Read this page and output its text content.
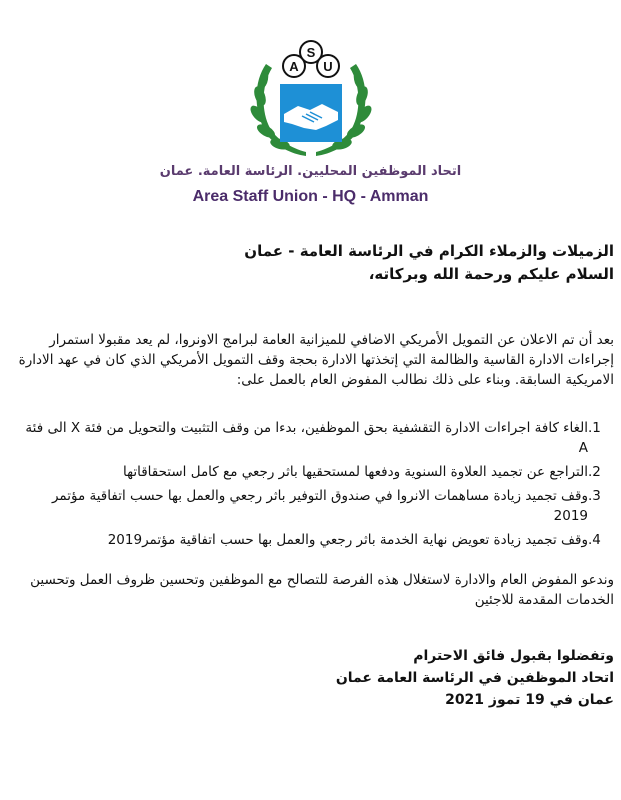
A
S
U
اتحاد الموظفين المحليين. الرئاسة العامة. عمان
Area Staff Union - HQ - Amman

الزميلات والزملاء الكرام في الرئاسة العامة - عمان

السلام عليكم ورحمة الله وبركاته،

بعد أن تم الاعلان عن التمويل الأمريكي الاضافي للميزانية العامة لبرامج الاونروا، لم يعد مقبولا استمرار إجراءات الادارة القاسية والظالمة التي إتخذتها الادارة بحجة وقف التمويل الأمريكي الذي كان في عهد الادارة الامريكية السابقة. وبناء على ذلك نطالب المفوض العام بالعمل على:
1.
الغاء كافة اجراءات الادارة التقشفية بحق الموظفين، بدءا من وقف التثبيت والتحويل من فئة X الى فئة A
2.
التراجع عن تجميد العلاوة السنوية ودفعها لمستحقيها باثر رجعي مع كامل استحقاقاتها
3.
وقف تجميد زيادة مساهمات الانروا في صندوق التوفير باثر رجعي والعمل بها حسب اتفاقية مؤتمر 2019
4.
وقف تجميد زيادة تعويض نهاية الخدمة باثر رجعي والعمل بها حسب اتفاقية مؤتمر2019
وندعو المفوض العام والادارة لاستغلال هذه الفرصة للتصالح مع الموظفين وتحسين ظروف العمل وتحسين الخدمات المقدمة للاجئين

وتفضلوا بقبول فائق الاحترام

اتحاد الموظفين في الرئاسة العامة عمان

عمان في 19 تموز 2021
